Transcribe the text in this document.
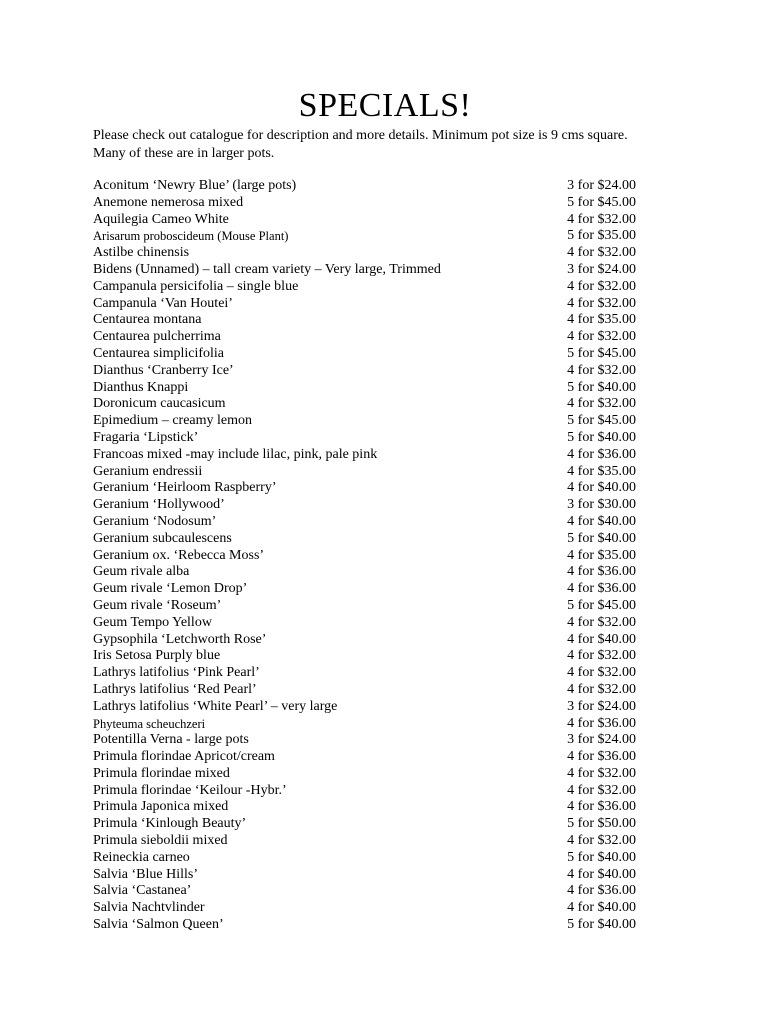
SPECIALS!
Please check out catalogue for description and more details. Minimum pot size is 9 cms square. Many of these are in larger pots.
Aconitum ‘Newry Blue’ (large pots)	3 for $24.00
Anemone nemerosa mixed	5 for $45.00
Aquilegia Cameo White	4 for $32.00
Arisarum proboscideum (Mouse Plant)	5 for $35.00
Astilbe chinensis	4 for $32.00
Bidens (Unnamed) – tall cream variety – Very large, Trimmed	3 for $24.00
Campanula persicifolia – single blue	4 for $32.00
Campanula ‘Van Houtei’	4 for $32.00
Centaurea montana	4 for $35.00
Centaurea pulcherrima	4 for $32.00
Centaurea simplicifolia	5 for $45.00
Dianthus ‘Cranberry Ice’	4 for $32.00
Dianthus Knappi	5 for $40.00
Doronicum caucasicum	4 for $32.00
Epimedium – creamy lemon	5 for $45.00
Fragaria ‘Lipstick’	5 for $40.00
Francoas mixed -may include lilac, pink, pale pink	4 for $36.00
Geranium endressii	4 for $35.00
Geranium ‘Heirloom Raspberry’	4 for $40.00
Geranium ‘Hollywood’	3 for $30.00
Geranium ‘Nodosum’	4 for $40.00
Geranium subcaulescens	5 for $40.00
Geranium ox. ‘Rebecca Moss’	4 for $35.00
Geum rivale alba	4 for $36.00
Geum rivale ‘Lemon Drop’	4 for $36.00
Geum rivale ‘Roseum’	5 for $45.00
Geum Tempo Yellow	4 for $32.00
Gypsophila ‘Letchworth Rose’	4 for $40.00
Iris Setosa Purply blue	4 for $32.00
Lathrys latifolius ‘Pink Pearl’	4 for $32.00
Lathrys latifolius ‘Red Pearl’	4 for $32.00
Lathrys latifolius ‘White Pearl’ – very large	3 for $24.00
Phyteuma scheuchzeri	4 for $36.00
Potentilla Verna - large pots	3 for $24.00
Primula florindae Apricot/cream	4 for $36.00
Primula florindae mixed	4 for $32.00
Primula florindae ‘Keilour -Hybr.’	4 for $32.00
Primula Japonica mixed	4 for $36.00
Primula ‘Kinlough Beauty’	5 for $50.00
Primula sieboldii mixed	4 for $32.00
Reineckia carneo	5 for $40.00
Salvia ‘Blue Hills’	4 for $40.00
Salvia ‘Castanea’	4 for $36.00
Salvia Nachtvlinder	4 for $40.00
Salvia ‘Salmon Queen’	5 for $40.00
